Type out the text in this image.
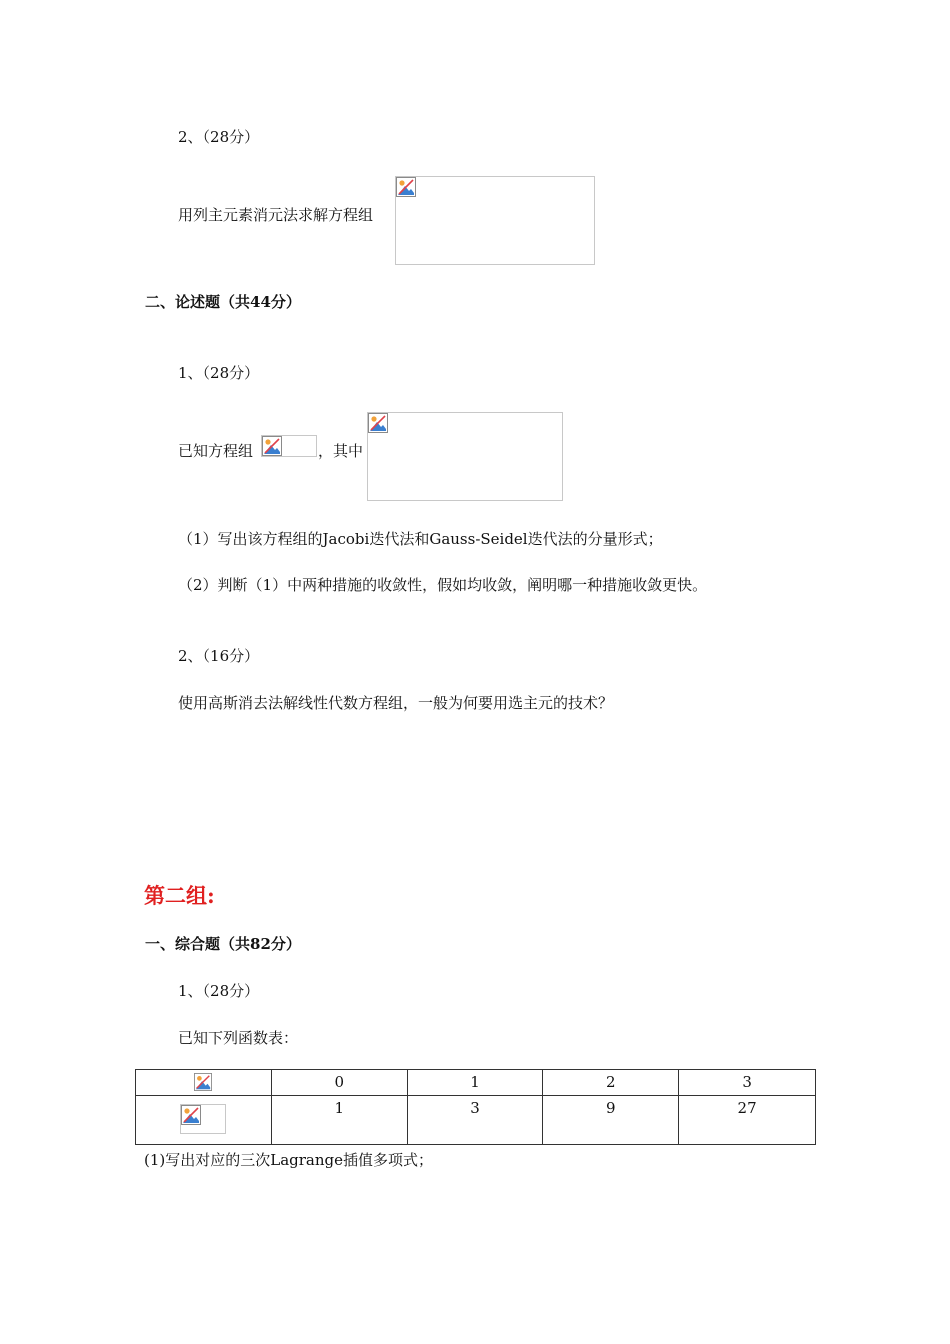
2、（28分）
用列主元素消元法求解方程组
二、论述题（共44分）
1、（28分）
已知方程组	，其中
（1）写出该方程组的Jacobi迭代法和Gauss-Seidel迭代法的分量形式；
（2）判断（1）中两种措施的收敛性，假如均收敛，阐明哪一种措施收敛更快。
2、（16分）
使用高斯消去法解线性代数方程组，一般为何要用选主元的技术？
第二组:
一、综合题（共82分）
1、（28分）
已知下列函数表：
	0	1	2	3

	1	3	9	27
(1)写出对应的三次Lagrange插值多项式；
